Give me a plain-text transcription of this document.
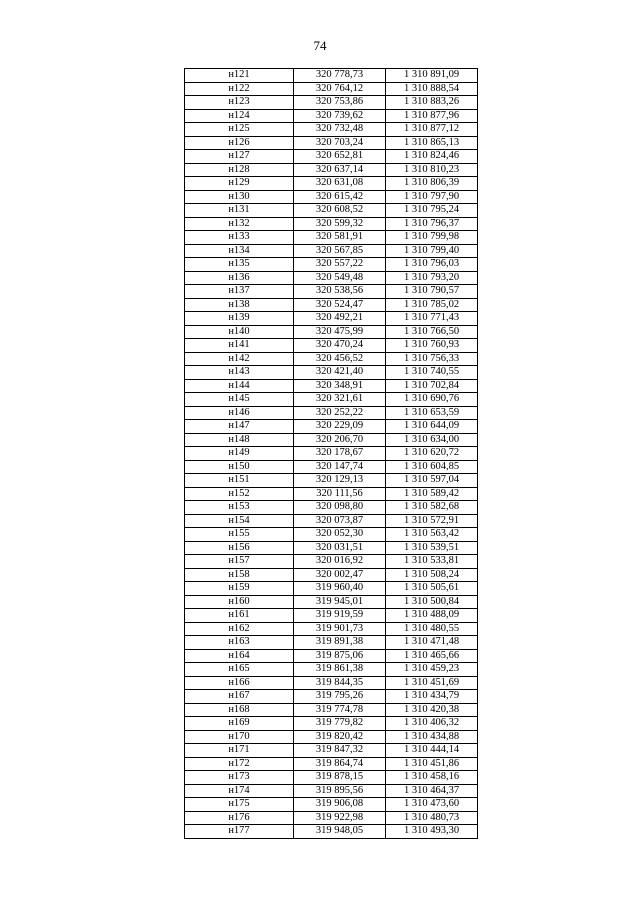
74
н121	320 778,73	1 310 891,09
н122	320 764,12	1 310 888,54
н123	320 753,86	1 310 883,26
н124	320 739,62	1 310 877,96
н125	320 732,48	1 310 877,12
н126	320 703,24	1 310 865,13
н127	320 652,81	1 310 824,46
н128	320 637,14	1 310 810,23
н129	320 631,08	1 310 806,39
н130	320 615,42	1 310 797,90
н131	320 608,52	1 310 795,24
н132	320 599,32	1 310 796,37
н133	320 581,91	1 310 799,98
н134	320 567,85	1 310 799,40
н135	320 557,22	1 310 796,03
н136	320 549,48	1 310 793,20
н137	320 538,56	1 310 790,57
н138	320 524,47	1 310 785,02
н139	320 492,21	1 310 771,43
н140	320 475,99	1 310 766,50
н141	320 470,24	1 310 760,93
н142	320 456,52	1 310 756,33
н143	320 421,40	1 310 740,55
н144	320 348,91	1 310 702,84
н145	320 321,61	1 310 690,76
н146	320 252,22	1 310 653,59
н147	320 229,09	1 310 644,09
н148	320 206,70	1 310 634,00
н149	320 178,67	1 310 620,72
н150	320 147,74	1 310 604,85
н151	320 129,13	1 310 597,04
н152	320 111,56	1 310 589,42
н153	320 098,80	1 310 582,68
н154	320 073,87	1 310 572,91
н155	320 052,30	1 310 563,42
н156	320 031,51	1 310 539,51
н157	320 016,92	1 310 533,81
н158	320 002,47	1 310 508,24
н159	319 960,40	1 310 505,61
н160	319 945,01	1 310 500,84
н161	319 919,59	1 310 488,09
н162	319 901,73	1 310 480,55
н163	319 891,38	1 310 471,48
н164	319 875,06	1 310 465,66
н165	319 861,38	1 310 459,23
н166	319 844,35	1 310 451,69
н167	319 795,26	1 310 434,79
н168	319 774,78	1 310 420,38
н169	319 779,82	1 310 406,32
н170	319 820,42	1 310 434,88
н171	319 847,32	1 310 444,14
н172	319 864,74	1 310 451,86
н173	319 878,15	1 310 458,16
н174	319 895,56	1 310 464,37
н175	319 906,08	1 310 473,60
н176	319 922,98	1 310 480,73
н177	319 948,05	1 310 493,30
